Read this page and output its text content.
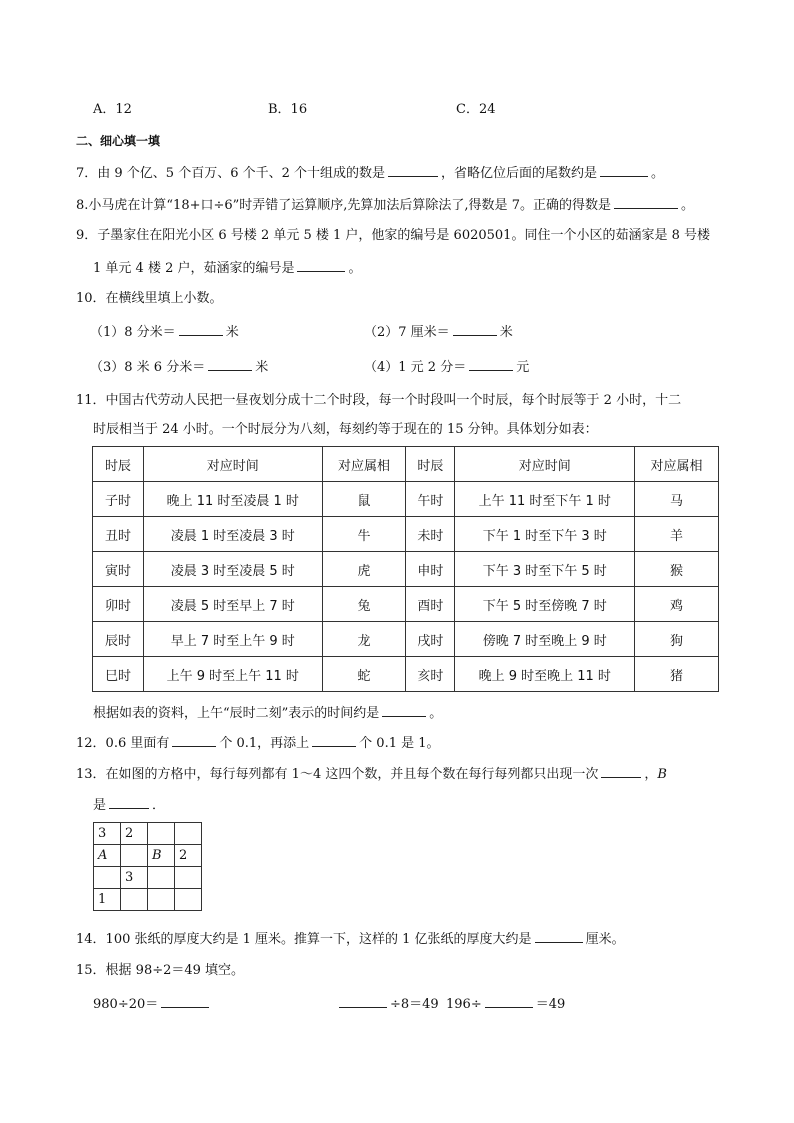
A．12	B．16	C．24
二、细心填一填
7．由 9 个亿、5 个百万、6 个千、2 个十组成的数是	，省略亿位后面的尾数约是	。
8.小马虎在计算“18+口÷6”时弄错了运算顺序,先算加法后算除法了,得数是 7。正确的得数是	。
9．子墨家住在阳光小区 6 号楼 2 单元 5 楼 1 户，他家的编号是 6020501。同住一个小区的茹涵家是 8 号楼
1 单元 4 楼 2 户，茹涵家的编号是	。
10．在横线里填上小数。
（1）8 分米＝	米	（2）7 厘米＝	米
（3）8 米 6 分米＝	米	（4）1 元 2 分＝	元
11．中国古代劳动人民把一昼夜划分成十二个时段，每一个时段叫一个时辰，每个时辰等于 2 小时，十二
时辰相当于 24 小时。一个时辰分为八刻，每刻约等于现在的 15 分钟。具体划分如表：
时辰	对应时间	对应属相	时辰	对应时间	对应属相
子时	晚上 11 时至凌晨 1 时	鼠	午时	上午 11 时至下午 1 时	马
丑时	凌晨 1 时至凌晨 3 时	牛	未时	下午 1 时至下午 3 时	羊
寅时	凌晨 3 时至凌晨 5 时	虎	申时	下午 3 时至下午 5 时	猴
卯时	凌晨 5 时至早上 7 时	兔	酉时	下午 5 时至傍晚 7 时	鸡
辰时	早上 7 时至上午 9 时	龙	戌时	傍晚 7 时至晚上 9 时	狗
巳时	上午 9 时至上午 11 时	蛇	亥时	晚上 9 时至晚上 11 时	猪
根据如表的资料，上午“辰时二刻”表示的时间约是	。
12．0.6 里面有	个 0.1，再添上	个 0.1 是 1。
13．在如图的方格中，每行每列都有 1～4 这四个数，并且每个数在每行每列都只出现一次	，B
是	．
3	2		
A		B	2
	3		
1			
14．100 张纸的厚度大约是 1 厘米。推算一下，这样的 1 亿张纸的厚度大约是	厘米。
15．根据 98÷2＝49 填空。
980÷20＝	÷8＝49 196÷	＝49
